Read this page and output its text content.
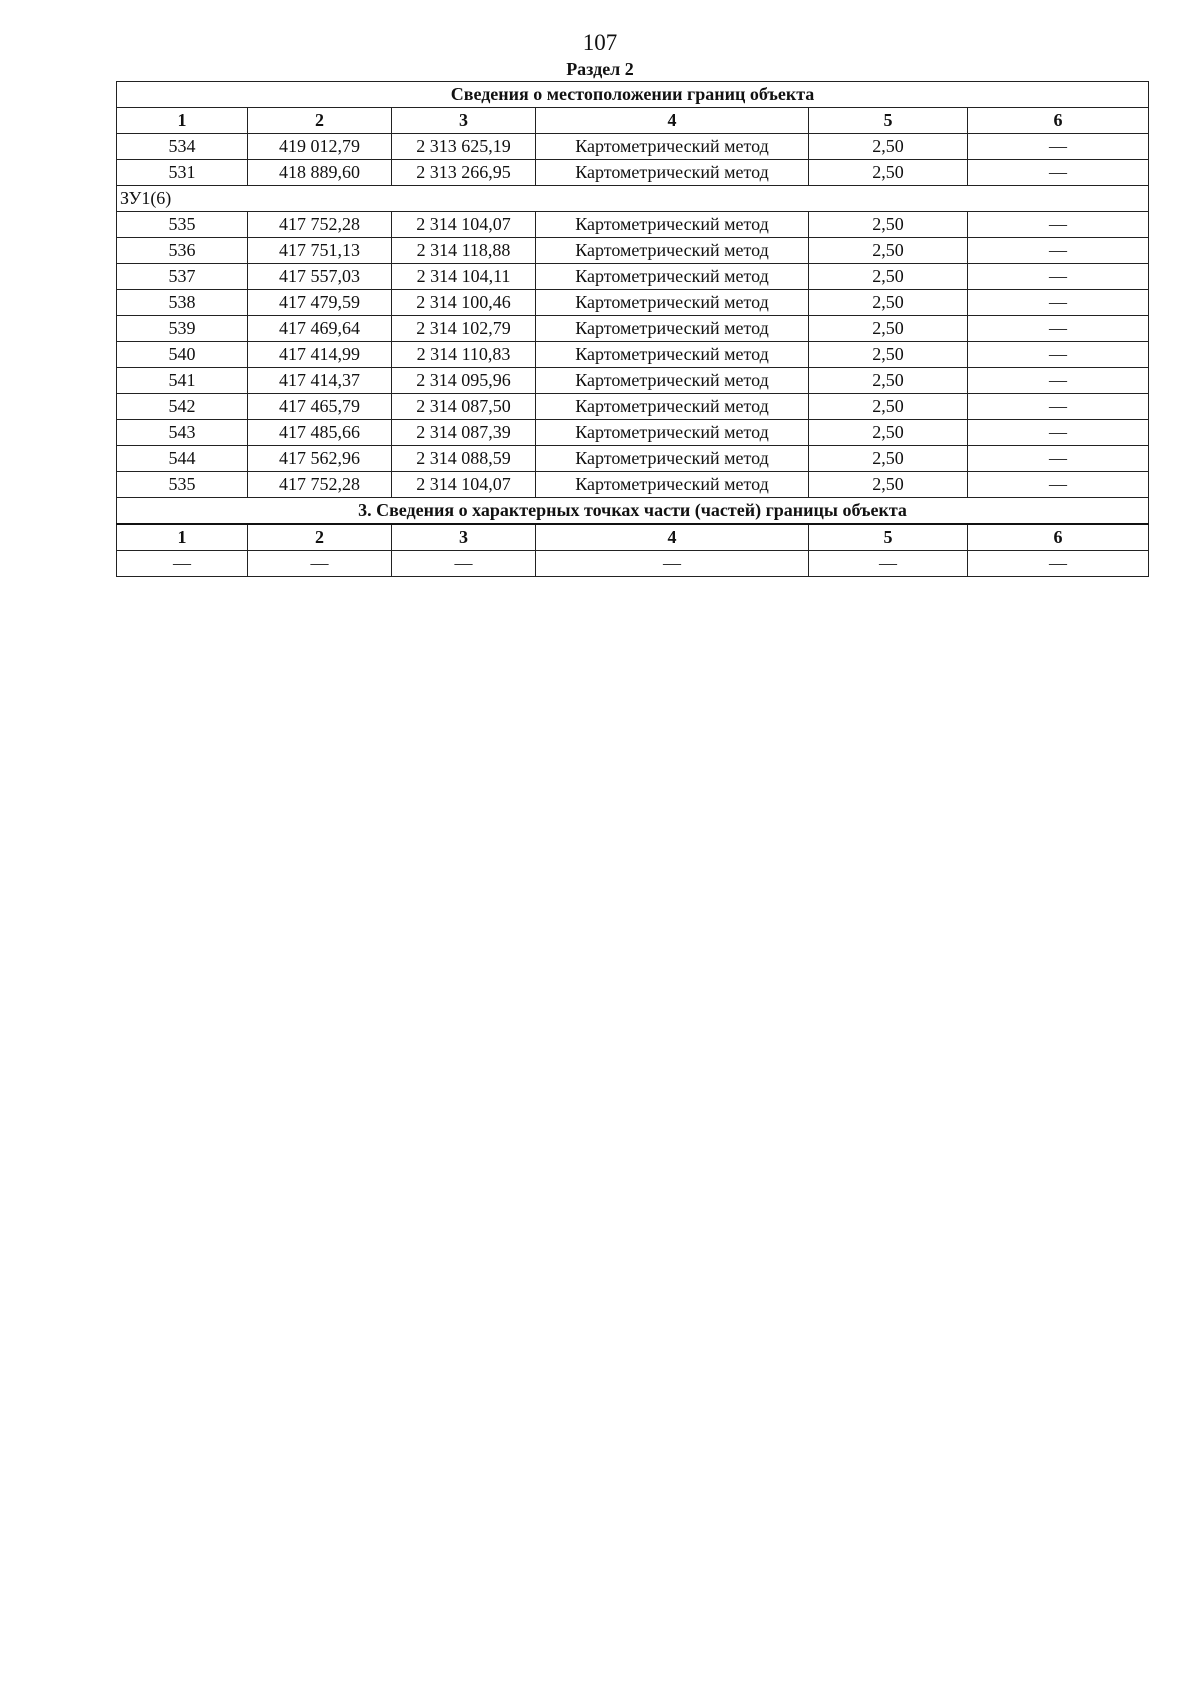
107
Раздел 2
Сведения о местоположении границ объекта					
1	2	3	4	5	6
534	419 012,79	2 313 625,19	Картометрический метод	2,50	—
531	418 889,60	2 313 266,95	Картометрический метод	2,50	—
ЗУ1(6)					
535	417 752,28	2 314 104,07	Картометрический метод	2,50	—
536	417 751,13	2 314 118,88	Картометрический метод	2,50	—
537	417 557,03	2 314 104,11	Картометрический метод	2,50	—
538	417 479,59	2 314 100,46	Картометрический метод	2,50	—
539	417 469,64	2 314 102,79	Картометрический метод	2,50	—
540	417 414,99	2 314 110,83	Картометрический метод	2,50	—
541	417 414,37	2 314 095,96	Картометрический метод	2,50	—
542	417 465,79	2 314 087,50	Картометрический метод	2,50	—
543	417 485,66	2 314 087,39	Картометрический метод	2,50	—
544	417 562,96	2 314 088,59	Картометрический метод	2,50	—
535	417 752,28	2 314 104,07	Картометрический метод	2,50	—
3. Сведения о характерных точках части (частей) границы объекта					
1	2	3	4	5	6
—	—	—	—	—	—
